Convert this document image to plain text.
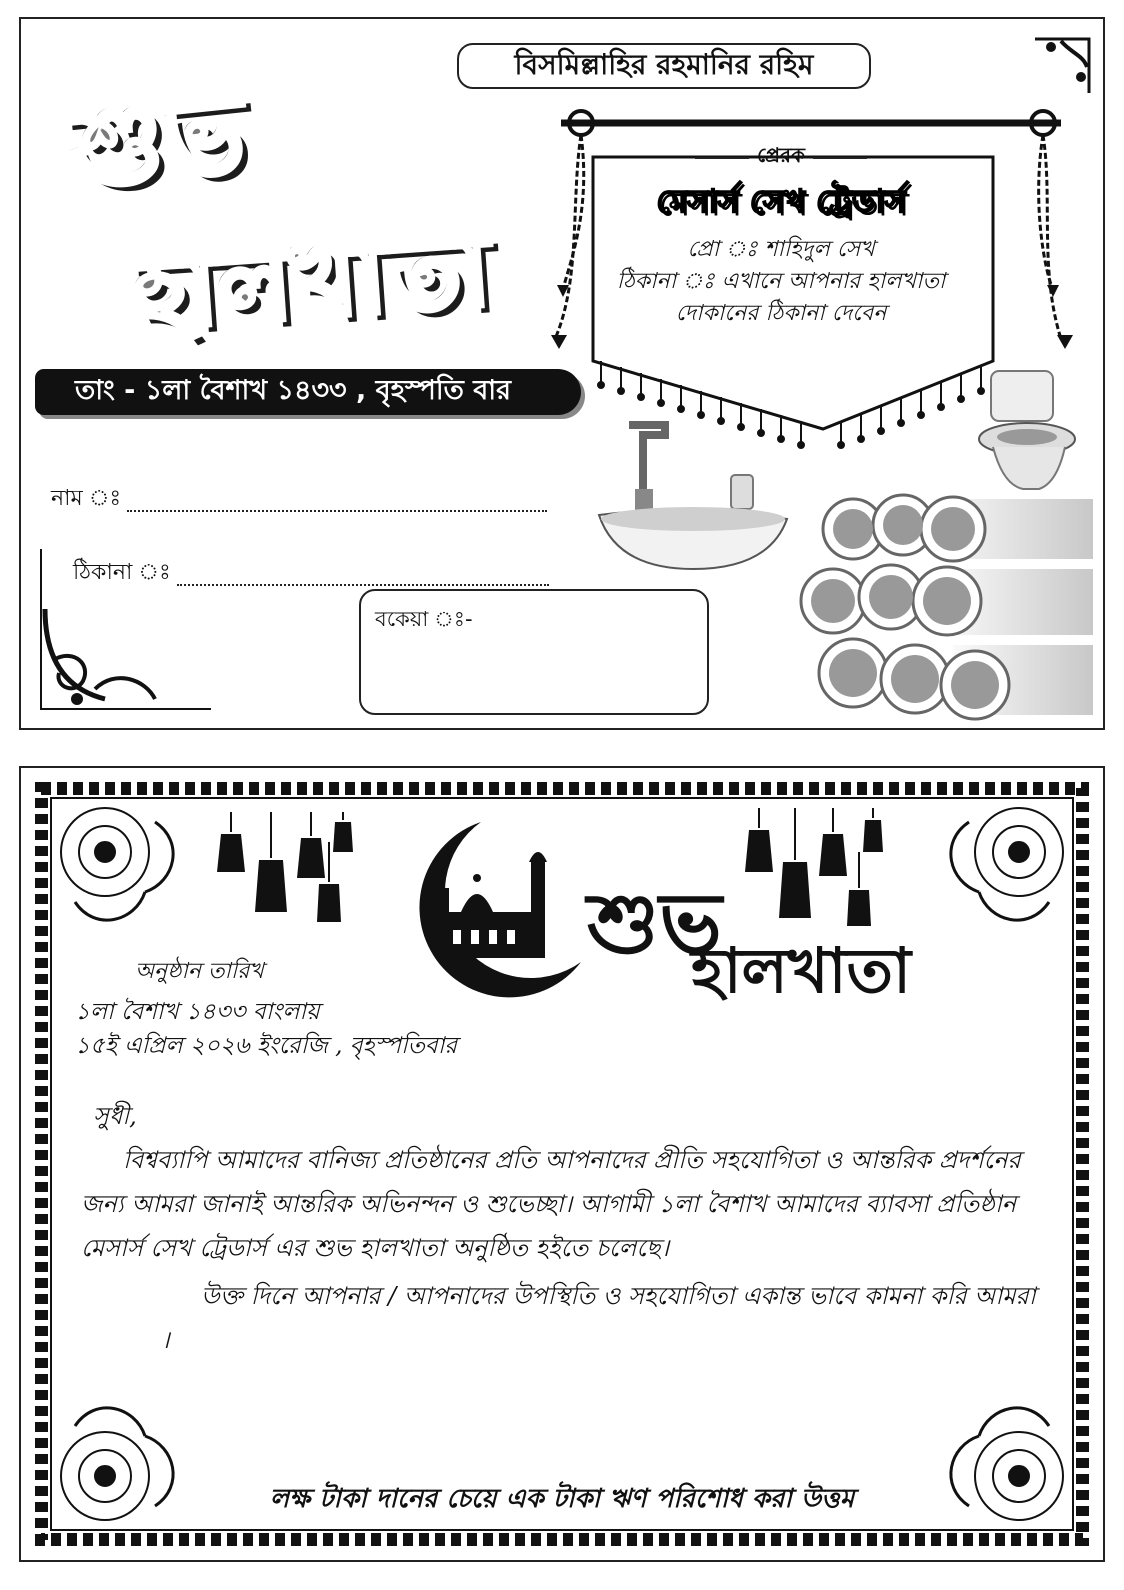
বিসমিল্লাহির রহমানির রহিম
শুভ
হালখাতা
তাং - ১লা বৈশাখ ১৪৩৩ , বৃহস্পতি বার
নাম ঃ
ঠিকানা ঃ
বকেয়া ঃ-
প্রেরক
মেসার্স সেখ ট্রেডার্স
প্রো ঃ শাহিদুল সেখ
ঠিকানা ঃ এখানে আপনার হালখাতা
দোকানের ঠিকানা দেবেন
শুভ
হালখাতা
অনুষ্ঠান তারিখ
১লা বৈশাখ ১৪৩৩ বাংলায়
১৫ই এপ্রিল ২০২৬ ইংরেজি , বৃহস্পতিবার
সুধী,
বিশ্বব্যাপি আমাদের বানিজ্য প্রতিষ্ঠানের প্রতি আপনাদের প্রীতি সহযোগিতা ও আন্তরিক প্রদর্শনের জন্য আমরা জানাই আন্তরিক অভিনন্দন ও শুভেচ্ছা। আগামী ১লা বৈশাখ আমাদের ব্যাবসা প্রতিষ্ঠান মেসার্স সেখ ট্রেডার্স এর শুভ হালখাতা অনুষ্ঠিত হইতে চলেছে।
উক্ত দিনে আপনার / আপনাদের উপস্থিতি ও সহযোগিতা একান্ত ভাবে কামনা করি আমরা ।
লক্ষ টাকা দানের চেয়ে এক টাকা ঋণ পরিশোধ করা উত্তম
